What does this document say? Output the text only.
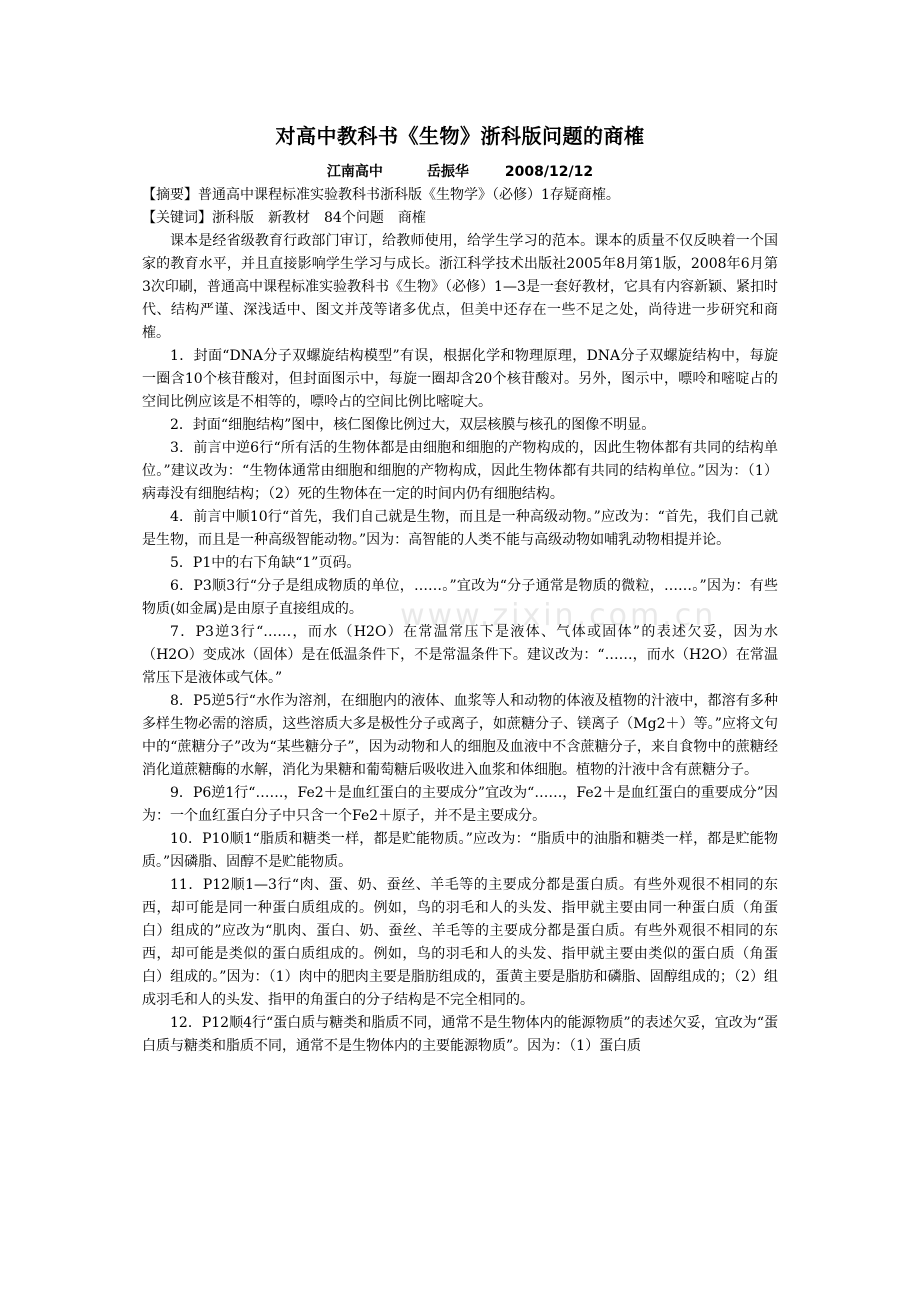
www.zixin.com.cn
对高中教科书《生物》浙科版问题的商榷
江南高中	岳振华	2008/12/12

【摘要】普通高中课程标准实验教科书浙科版《生物学》（必修）1存疑商榷。

【关键词】浙科版　新教材　84个问题　商榷

课本是经省级教育行政部门审订，给教师使用，给学生学习的范本。课本的质量不仅反映着一个国家的教育水平，并且直接影响学生学习与成长。浙江科学技术出版社2005年8月第1版，2008年6月第3次印刷，普通高中课程标准实验教科书《生物》（必修）1—3是一套好教材，它具有内容新颖、紧扣时代、结构严谨、深浅适中、图文并茂等诸多优点，但美中还存在一些不足之处，尚待进一步研究和商榷。

1．封面“DNA分子双螺旋结构模型”有误，根据化学和物理原理，DNA分子双螺旋结构中，每旋一圈含10个核苷酸对，但封面图示中，每旋一圈却含20个核苷酸对。另外，图示中，嘌呤和嘧啶占的空间比例应该是不相等的，嘌呤占的空间比例比嘧啶大。

2．封面“细胞结构”图中，核仁图像比例过大，双层核膜与核孔的图像不明显。

3．前言中逆6行“所有活的生物体都是由细胞和细胞的产物构成的，因此生物体都有共同的结构单位。”建议改为：“生物体通常由细胞和细胞的产物构成，因此生物体都有共同的结构单位。”因为：（1）病毒没有细胞结构；（2）死的生物体在一定的时间内仍有细胞结构。

4．前言中顺10行“首先，我们自己就是生物，而且是一种高级动物。”应改为：“首先，我们自己就是生物，而且是一种高级智能动物。”因为：高智能的人类不能与高级动物如哺乳动物相提并论。

5．P1中的右下角缺“1”页码。

6．P3顺3行“分子是组成物质的单位，……。”宜改为“分子通常是物质的微粒，……。”因为：有些物质(如金属)是由原子直接组成的。

7．P3逆3行“……，而水（H2O）在常温常压下是液体、气体或固体”的表述欠妥，因为水（H2O）变成冰（固体）是在低温条件下，不是常温条件下。建议改为：“……，而水（H2O）在常温常压下是液体或气体。”

8．P5逆5行“水作为溶剂，在细胞内的液体、血浆等人和动物的体液及植物的汁液中，都溶有多种多样生物必需的溶质，这些溶质大多是极性分子或离子，如蔗糖分子、镁离子（Mg2＋）等。”应将文句中的“蔗糖分子”改为“某些糖分子”，因为动物和人的细胞及血液中不含蔗糖分子，来自食物中的蔗糖经消化道蔗糖酶的水解，消化为果糖和葡萄糖后吸收进入血浆和体细胞。植物的汁液中含有蔗糖分子。

9．P6逆1行“……，Fe2＋是血红蛋白的主要成分”宜改为“……，Fe2＋是血红蛋白的重要成分”因为：一个血红蛋白分子中只含一个Fe2＋原子，并不是主要成分。

10．P10顺1“脂质和糖类一样，都是贮能物质。”应改为：“脂质中的油脂和糖类一样，都是贮能物质。”因磷脂、固醇不是贮能物质。

11．P12顺1—3行“肉、蛋、奶、蚕丝、羊毛等的主要成分都是蛋白质。有些外观很不相同的东西，却可能是同一种蛋白质组成的。例如，鸟的羽毛和人的头发、指甲就主要由同一种蛋白质（角蛋白）组成的”应改为“肌肉、蛋白、奶、蚕丝、羊毛等的主要成分都是蛋白质。有些外观很不相同的东西，却可能是类似的蛋白质组成的。例如，鸟的羽毛和人的头发、指甲就主要由类似的蛋白质（角蛋白）组成的。”因为：（1）肉中的肥肉主要是脂肪组成的，蛋黄主要是脂肪和磷脂、固醇组成的；（2）组成羽毛和人的头发、指甲的角蛋白的分子结构是不完全相同的。

12．P12顺4行“蛋白质与糖类和脂质不同，通常不是生物体内的能源物质”的表述欠妥，宜改为“蛋白质与糖类和脂质不同，通常不是生物体内的主要能源物质”。因为：（1）蛋白质
